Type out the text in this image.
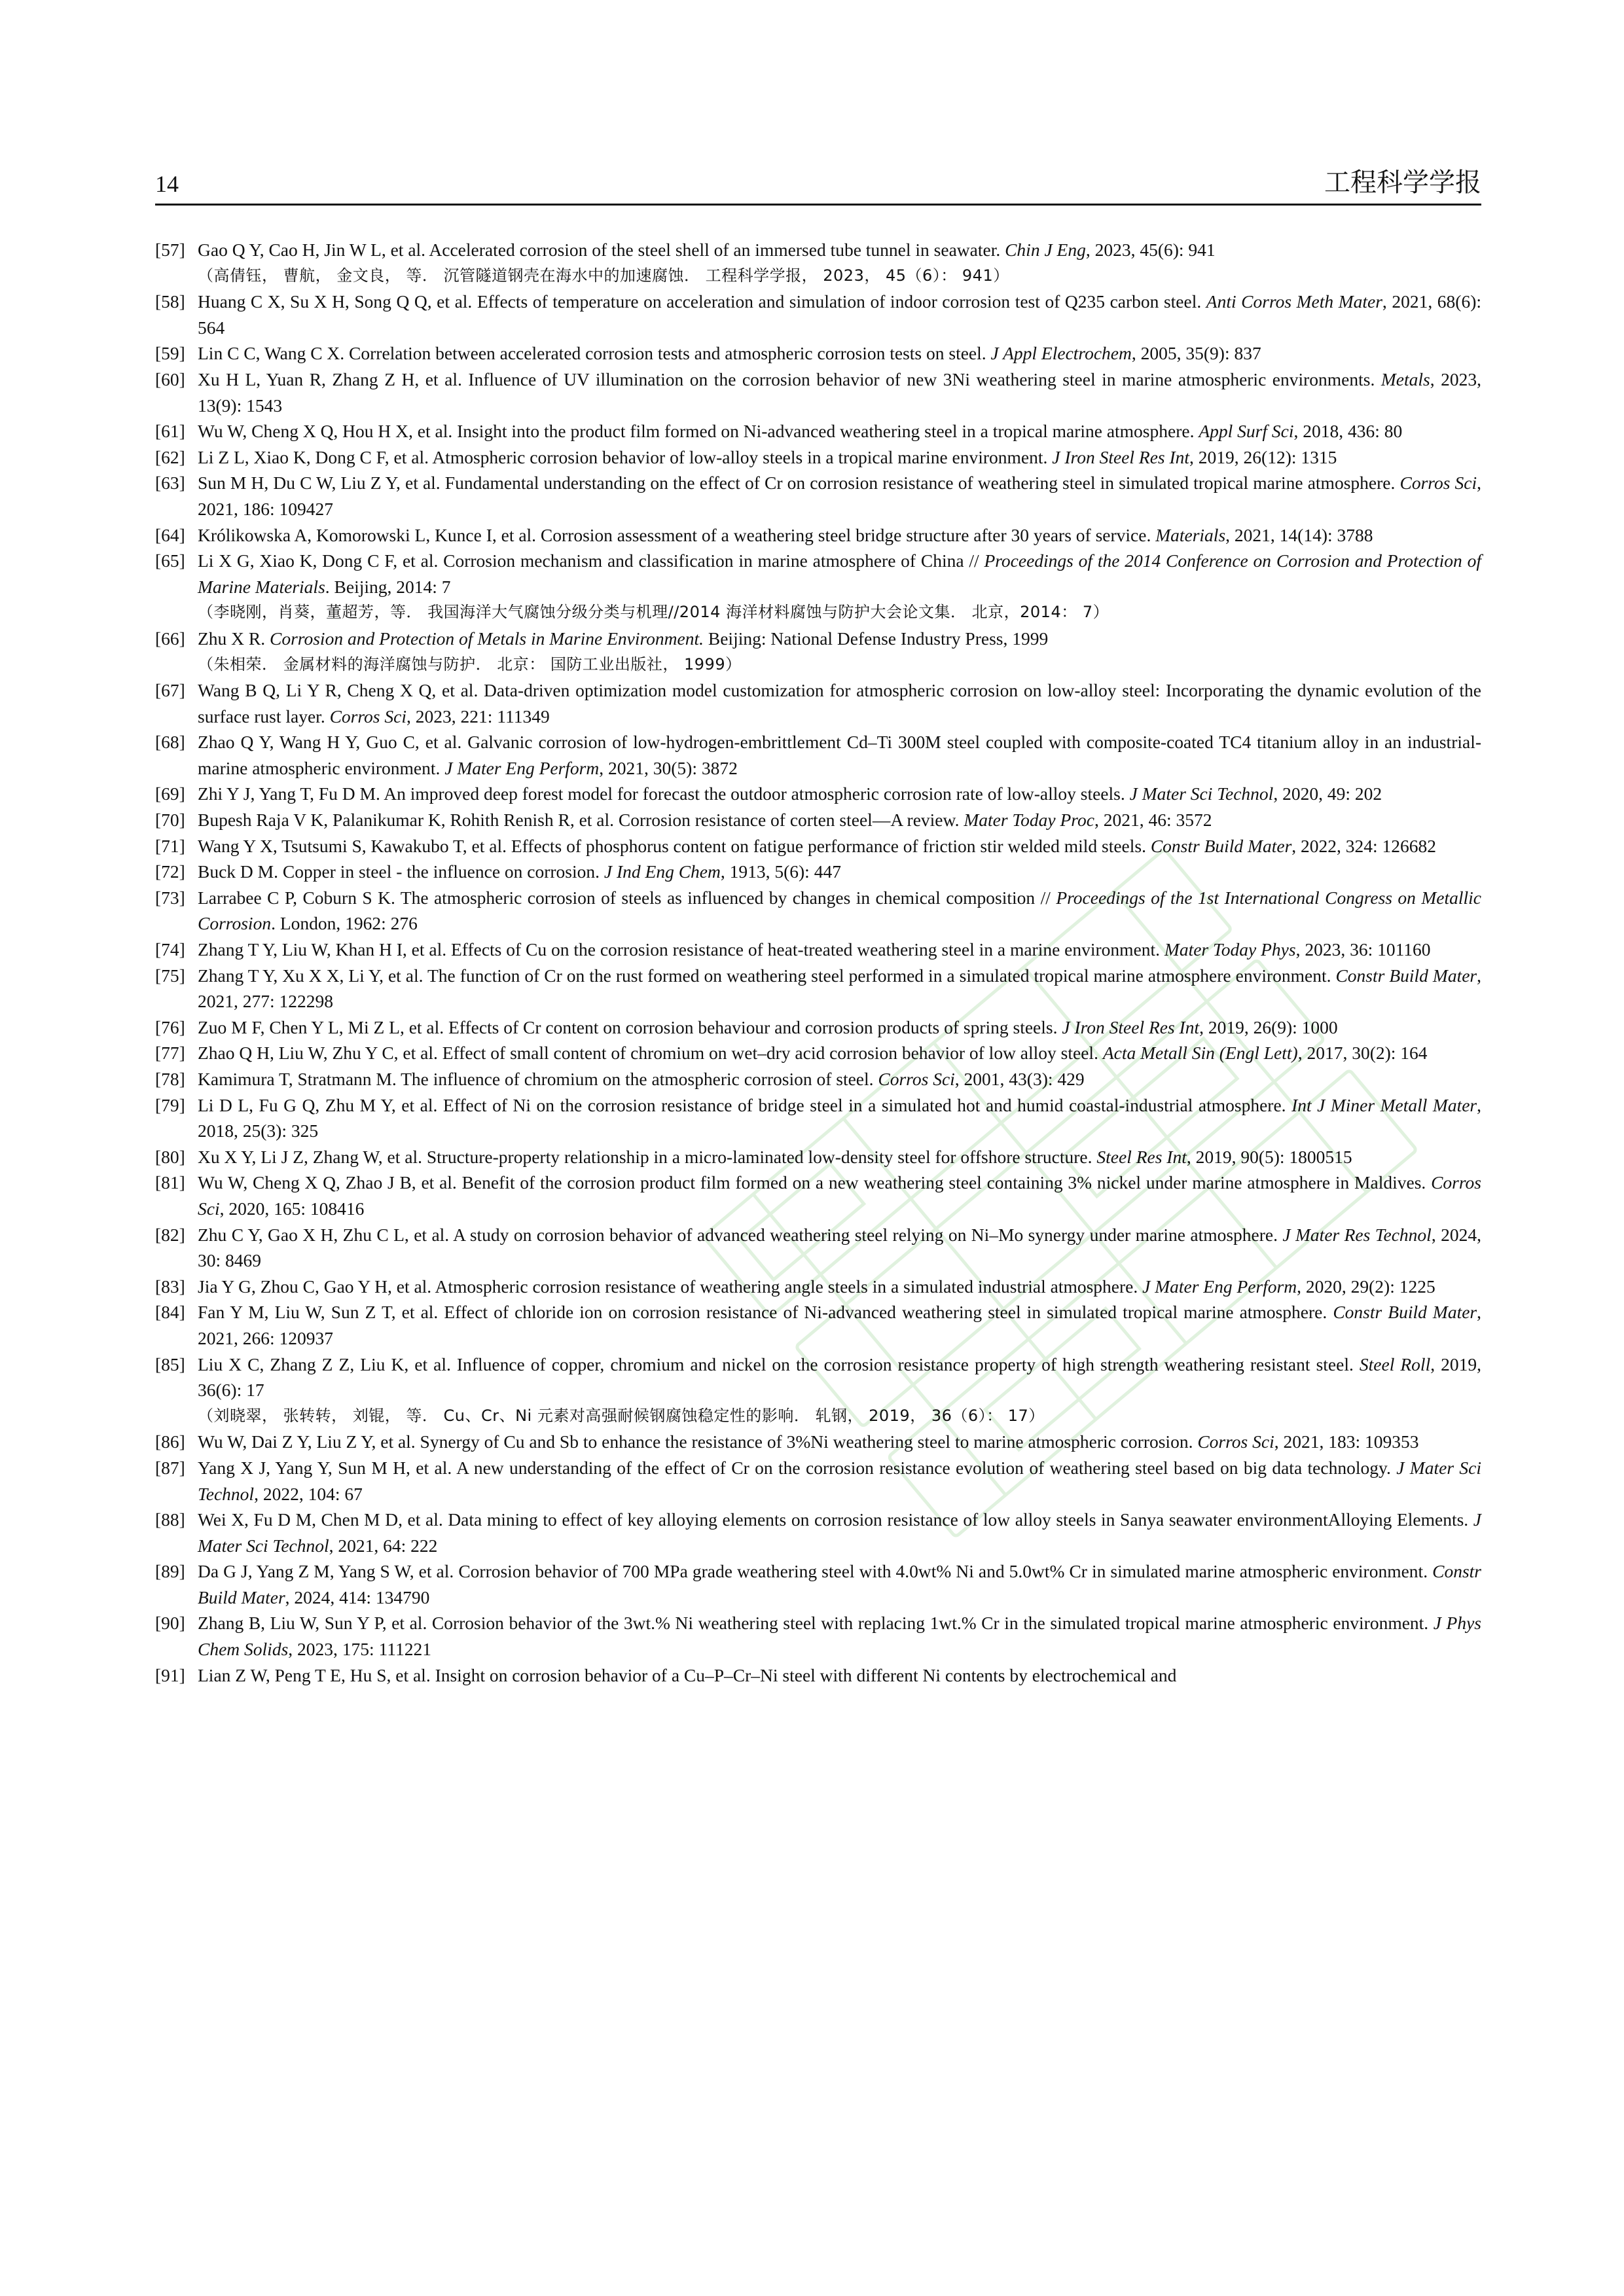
14	工程科学学报
[57] Gao Q Y, Cao H, Jin W L, et al. Accelerated corrosion of the steel shell of an immersed tube tunnel in seawater. Chin J Eng, 2023, 45(6): 941
（高倩钰， 曹航， 金文良， 等． 沉管隧道钢壳在海水中的加速腐蚀． 工程科学学报， 2023， 45（6）： 941）
[58] Huang C X, Su X H, Song Q Q, et al. Effects of temperature on acceleration and simulation of indoor corrosion test of Q235 carbon steel. Anti Corros Meth Mater, 2021, 68(6): 564
[59] Lin C C, Wang C X. Correlation between accelerated corrosion tests and atmospheric corrosion tests on steel. J Appl Electrochem, 2005, 35(9): 837
[60] Xu H L, Yuan R, Zhang Z H, et al. Influence of UV illumination on the corrosion behavior of new 3Ni weathering steel in marine atmospheric environments. Metals, 2023, 13(9): 1543
[61] Wu W, Cheng X Q, Hou H X, et al. Insight into the product film formed on Ni-advanced weathering steel in a tropical marine atmosphere. Appl Surf Sci, 2018, 436: 80
[62] Li Z L, Xiao K, Dong C F, et al. Atmospheric corrosion behavior of low-alloy steels in a tropical marine environment. J Iron Steel Res Int, 2019, 26(12): 1315
[63] Sun M H, Du C W, Liu Z Y, et al. Fundamental understanding on the effect of Cr on corrosion resistance of weathering steel in simulated tropical marine atmosphere. Corros Sci, 2021, 186: 109427
[64] Królikowska A, Komorowski L, Kunce I, et al. Corrosion assessment of a weathering steel bridge structure after 30 years of service. Materials, 2021, 14(14): 3788
[65] Li X G, Xiao K, Dong C F, et al. Corrosion mechanism and classification in marine atmosphere of China // Proceedings of the 2014 Conference on Corrosion and Protection of Marine Materials. Beijing, 2014: 7
（李晓刚，肖葵，董超芳，等． 我国海洋大气腐蚀分级分类与机理//2014 海洋材料腐蚀与防护大会论文集． 北京，2014： 7）
[66] Zhu X R. Corrosion and Protection of Metals in Marine Environment. Beijing: National Defense Industry Press, 1999
（朱相荣． 金属材料的海洋腐蚀与防护． 北京： 国防工业出版社， 1999）
[67] Wang B Q, Li Y R, Cheng X Q, et al. Data-driven optimization model customization for atmospheric corrosion on low-alloy steel: Incorporating the dynamic evolution of the surface rust layer. Corros Sci, 2023, 221: 111349
[68] Zhao Q Y, Wang H Y, Guo C, et al. Galvanic corrosion of low-hydrogen-embrittlement Cd–Ti 300M steel coupled with composite-coated TC4 titanium alloy in an industrial-marine atmospheric environment. J Mater Eng Perform, 2021, 30(5): 3872
[69] Zhi Y J, Yang T, Fu D M. An improved deep forest model for forecast the outdoor atmospheric corrosion rate of low-alloy steels. J Mater Sci Technol, 2020, 49: 202
[70] Bupesh Raja V K, Palanikumar K, Rohith Renish R, et al. Corrosion resistance of corten steel—A review. Mater Today Proc, 2021, 46: 3572
[71] Wang Y X, Tsutsumi S, Kawakubo T, et al. Effects of phosphorus content on fatigue performance of friction stir welded mild steels. Constr Build Mater, 2022, 324: 126682
[72] Buck D M. Copper in steel - the influence on corrosion. J Ind Eng Chem, 1913, 5(6): 447
[73] Larrabee C P, Coburn S K. The atmospheric corrosion of steels as influenced by changes in chemical composition // Proceedings of the 1st International Congress on Metallic Corrosion. London, 1962: 276
[74] Zhang T Y, Liu W, Khan H I, et al. Effects of Cu on the corrosion resistance of heat-treated weathering steel in a marine environment. Mater Today Phys, 2023, 36: 101160
[75] Zhang T Y, Xu X X, Li Y, et al. The function of Cr on the rust formed on weathering steel performed in a simulated tropical marine atmosphere environment. Constr Build Mater, 2021, 277: 122298
[76] Zuo M F, Chen Y L, Mi Z L, et al. Effects of Cr content on corrosion behaviour and corrosion products of spring steels. J Iron Steel Res Int, 2019, 26(9): 1000
[77] Zhao Q H, Liu W, Zhu Y C, et al. Effect of small content of chromium on wet–dry acid corrosion behavior of low alloy steel. Acta Metall Sin (Engl Lett), 2017, 30(2): 164
[78] Kamimura T, Stratmann M. The influence of chromium on the atmospheric corrosion of steel. Corros Sci, 2001, 43(3): 429
[79] Li D L, Fu G Q, Zhu M Y, et al. Effect of Ni on the corrosion resistance of bridge steel in a simulated hot and humid coastal-industrial atmosphere. Int J Miner Metall Mater, 2018, 25(3): 325
[80] Xu X Y, Li J Z, Zhang W, et al. Structure-property relationship in a micro-laminated low-density steel for offshore structure. Steel Res Int, 2019, 90(5): 1800515
[81] Wu W, Cheng X Q, Zhao J B, et al. Benefit of the corrosion product film formed on a new weathering steel containing 3% nickel under marine atmosphere in Maldives. Corros Sci, 2020, 165: 108416
[82] Zhu C Y, Gao X H, Zhu C L, et al. A study on corrosion behavior of advanced weathering steel relying on Ni–Mo synergy under marine atmosphere. J Mater Res Technol, 2024, 30: 8469
[83] Jia Y G, Zhou C, Gao Y H, et al. Atmospheric corrosion resistance of weathering angle steels in a simulated industrial atmosphere. J Mater Eng Perform, 2020, 29(2): 1225
[84] Fan Y M, Liu W, Sun Z T, et al. Effect of chloride ion on corrosion resistance of Ni-advanced weathering steel in simulated tropical marine atmosphere. Constr Build Mater, 2021, 266: 120937
[85] Liu X C, Zhang Z Z, Liu K, et al. Influence of copper, chromium and nickel on the corrosion resistance property of high strength weathering resistant steel. Steel Roll, 2019, 36(6): 17
（刘晓翠， 张转转， 刘锟， 等． Cu、Cr、Ni 元素对高强耐候钢腐蚀稳定性的影响． 轧钢， 2019， 36（6）： 17）
[86] Wu W, Dai Z Y, Liu Z Y, et al. Synergy of Cu and Sb to enhance the resistance of 3%Ni weathering steel to marine atmospheric corrosion. Corros Sci, 2021, 183: 109353
[87] Yang X J, Yang Y, Sun M H, et al. A new understanding of the effect of Cr on the corrosion resistance evolution of weathering steel based on big data technology. J Mater Sci Technol, 2022, 104: 67
[88] Wei X, Fu D M, Chen M D, et al. Data mining to effect of key alloying elements on corrosion resistance of low alloy steels in Sanya seawater environmentAlloying Elements. J Mater Sci Technol, 2021, 64: 222
[89] Da G J, Yang Z M, Yang S W, et al. Corrosion behavior of 700 MPa grade weathering steel with 4.0wt% Ni and 5.0wt% Cr in simulated marine atmospheric environment. Constr Build Mater, 2024, 414: 134790
[90] Zhang B, Liu W, Sun Y P, et al. Corrosion behavior of the 3wt.% Ni weathering steel with replacing 1wt.% Cr in the simulated tropical marine atmospheric environment. J Phys Chem Solids, 2023, 175: 111221
[91] Lian Z W, Peng T E, Hu S, et al. Insight on corrosion behavior of a Cu–P–Cr–Ni steel with different Ni contents by electrochemical and
